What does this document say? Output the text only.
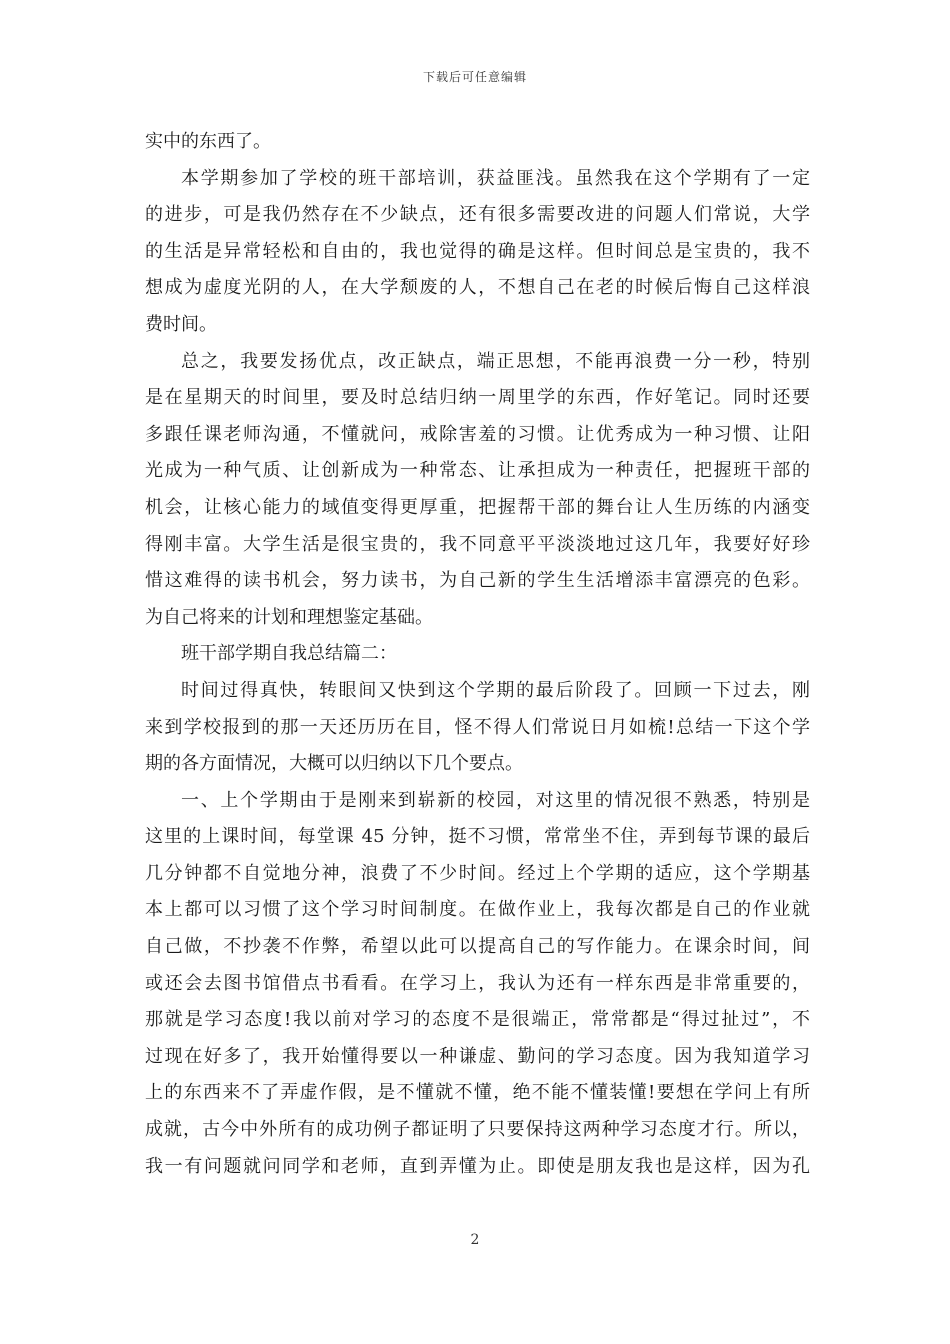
下载后可任意编辑
实中的东西了。
本学期参加了学校的班干部培训，获益匪浅。虽然我在这个学期有了一定
的进步，可是我仍然存在不少缺点，还有很多需要改进的问题人们常说，大学
的生活是异常轻松和自由的，我也觉得的确是这样。但时间总是宝贵的，我不
想成为虚度光阴的人，在大学颓废的人，不想自己在老的时候后悔自己这样浪
费时间。
总之，我要发扬优点，改正缺点，端正思想，不能再浪费一分一秒，特别
是在星期天的时间里，要及时总结归纳一周里学的东西，作好笔记。同时还要
多跟任课老师沟通，不懂就问，戒除害羞的习惯。让优秀成为一种习惯、让阳
光成为一种气质、让创新成为一种常态、让承担成为一种责任，把握班干部的
机会，让核心能力的域值变得更厚重，把握帮干部的舞台让人生历练的内涵变
得刚丰富。大学生活是很宝贵的，我不同意平平淡淡地过这几年，我要好好珍
惜这难得的读书机会，努力读书，为自己新的学生生活增添丰富漂亮的色彩。
为自己将来的计划和理想鉴定基础。
班干部学期自我总结篇二：
时间过得真快，转眼间又快到这个学期的最后阶段了。回顾一下过去，刚
来到学校报到的那一天还历历在目，怪不得人们常说日月如梳!总结一下这个学
期的各方面情况，大概可以归纳以下几个要点。
一、上个学期由于是刚来到崭新的校园，对这里的情况很不熟悉，特别是
这里的上课时间，每堂课 45 分钟，挺不习惯，常常坐不住，弄到每节课的最后
几分钟都不自觉地分神，浪费了不少时间。经过上个学期的适应，这个学期基
本上都可以习惯了这个学习时间制度。在做作业上，我每次都是自己的作业就
自己做，不抄袭不作弊，希望以此可以提高自己的写作能力。在课余时间，间
或还会去图书馆借点书看看。在学习上，我认为还有一样东西是非常重要的，
那就是学习态度!我以前对学习的态度不是很端正，常常都是“得过扯过”，不
过现在好多了，我开始懂得要以一种谦虚、勤问的学习态度。因为我知道学习
上的东西来不了弄虚作假，是不懂就不懂，绝不能不懂装懂!要想在学问上有所
成就，古今中外所有的成功例子都证明了只要保持这两种学习态度才行。所以，
我一有问题就问同学和老师，直到弄懂为止。即使是朋友我也是这样，因为孔
2
